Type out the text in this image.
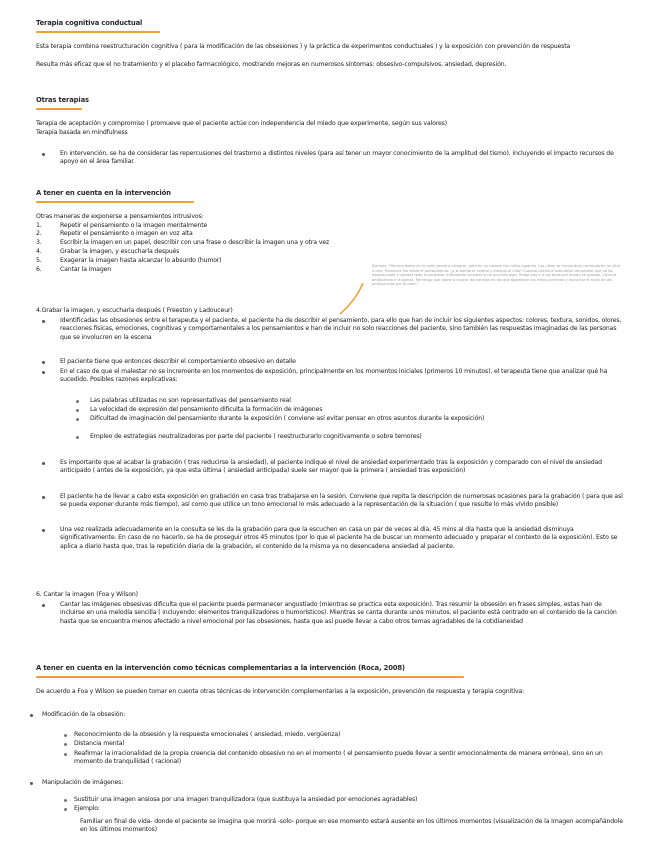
Terapia cognitiva conductual
Esta terapia combina reestructuración cognitiva ( para la modificación de las obsesiones ) y la práctica de experimentos conductuales ) y la exposición con prevención de respuesta
Resulta más eficaz que el no tratamiento y el placebo farmacológico, mostrando mejoras en numerosos síntomas: obsesivo-compulsivos, ansiedad, depresión.
Otras terapias
Terapia de aceptación y compromiso ( promueve que el paciente actúe con independencia del miedo que experimente, según sus valores)
Terapia basada en mindfulness
En intervención, se ha de considerar las repercusiones del trastorno a distintos niveles (para así tener un mayor conocimiento de la amplitud del tismo), incluyendo el impacto recursos de apoyo en el área familiar.
A tener en cuenta en la intervención
Otras maneras de exponerse a pensamientos intrusivos:
1.	Repetir el pensamiento o la imagen mentalmente
2.	Repetir el pensamiento o imagen en voz alta
3.	Escribir la imagen en un papel, describir con una frase o describir la imagen una y otra vez
4.	Grabar la imagen, y escucharla después
5.	Exagerar la imagen hasta alcanzar lo absurdo (humor)
6.	Cantar la imagen	Ejemplo: "Me encuentro en la calle yendo a comprar, pero en un parque con niños jugando. Los niños se encuentran cantando en un sitio u otro. Entonces me viene el pensamiento: ¿y si pierdo el control y empujo al niño? Cuando vuelva a casa debo comprobar que no ha pasado nada y repasar todo lo sucedido, intentando recordar si ha ocurrido algo. Tengo que ir a los sitios por donde he pasado. Lleva la ambulancia y la policía. Me tengo que poner a buscar las noticias en las que aparezcan los niños corriendo y escuchar el ruido de las ambulancias por la calle."
4.Grabar la imagen, y escucharla después ( Freeston y Ladouceur)
Identificadas las obsesiones entre el terapeuta y el paciente, el paciente ha de describir el pensamiento, para ello que han de incluir los siguientes aspectos: colores, textura, sonidos, olores, reacciones físicas, emociones, cognitivas y comportamentales a los pensamientos e han de incluir no solo reacciones del paciente, sino también las respuestas imaginadas de las personas que se involucren en la escena
El paciente tiene que entonces describir el comportamiento obsesivo en detalle
En el caso de que el malestar no se incremente en los momentos de exposición, principalmente en los momentos iniciales (primeros 10 minutos), el terapeuta tiene que analizar qué ha sucedido. Posibles razones explicativas:
Las palabras utilizadas no son representativas del pensamiento real
La velocidad de expresión del pensamiento dificulta la formación de imágenes
Dificultad de imaginación del pensamiento durante la exposición ( conviene así evitar pensar en otros asuntos durante la exposición)
Empleo de estrategias neutralizadoras por parte del paciente ( reestructurarlo cognitivamente o sobre temores)
Es importante que al acabar la grabación ( tras reducirse la ansiedad), el paciente indique el nivel de ansiedad experimentado tras la exposición y comparado con el nivel de ansiedad anticipado ( antes de la exposición, ya que esta última ( ansiedad anticipada) suele ser mayor que la primera ( ansiedad tras exposición)
El paciente ha de llevar a cabo esta exposición en grabación en casa tras trabajarse en la sesión. Conviene que repita la descripción de numerosas ocasiones para la grabación ( para que así se pueda exponer durante más tiempo), así como que utilice un tono emocional lo más adecuado a la representación de la situación ( que resulte lo más vívido posible)
Una vez realizada adecuadamente en la consulta se les da la grabación para que la escuchen en casa un par de veces al día, 45 mins al día hasta que la ansiedad disminuya significativamente. En caso de no hacerlo, se ha de proseguir otros 45 minutos (por lo que el paciente ha de buscar un momento adecuado y preparar el contexto de la exposición). Esto se aplica a diario hasta que, tras la repetición diaria de la grabación, el contenido de la misma ya no desencadena ansiedad al paciente.
6. Cantar la imagen (Foa y Wilson)
Cantar las imágenes obsesivas dificulta que el paciente pueda permanecer angustiado (mientras se practica esta exposición). Tras resumir la obsesión en frases simples, estas han de incluirse en una melodía sencilla ( incluyendo: elementos tranquilizadores o humorísticos). Mientras se canta durante unos minutos, el paciente está centrado en el contenido de la canción hasta que se encuentra menos afectado a nivel emocional por las obsesiones, hasta que así puede llevar a cabo otros temas agradables de la cotidianeidad
A tener en cuenta en la intervención como técnicas complementarias a la intervención (Roca, 2008)
De acuerdo a Foa y Wilson se pueden tomar en cuenta otras técnicas de intervención complementarias a la exposición, prevención de respuesta y terapia cognitiva:
Modificación de la obsesión:
Reconocimiento de la obsesión y la respuesta emocionales ( ansiedad, miedo, vergüenza)
Distancia mental
Reafirmar la irracionalidad de la propia creencia del contenido obsesivo no en el momento ( el pensamiento puede llevar a sentir emocionalmente de manera errónea), sino en un momento de tranquilidad ( racional)
Manipulación de imágenes:
Sustituir una imagen ansiosa por una imagen tranquilizadora (que sustituya la ansiedad por emociones agradables)
Ejemplo:
Familiar en final de vida- donde el paciente se imagina que morirá -solo- porque en ese momento estará ausente en los últimos momentos (visualización de la imagen acompañándole en los últimos momentos)
